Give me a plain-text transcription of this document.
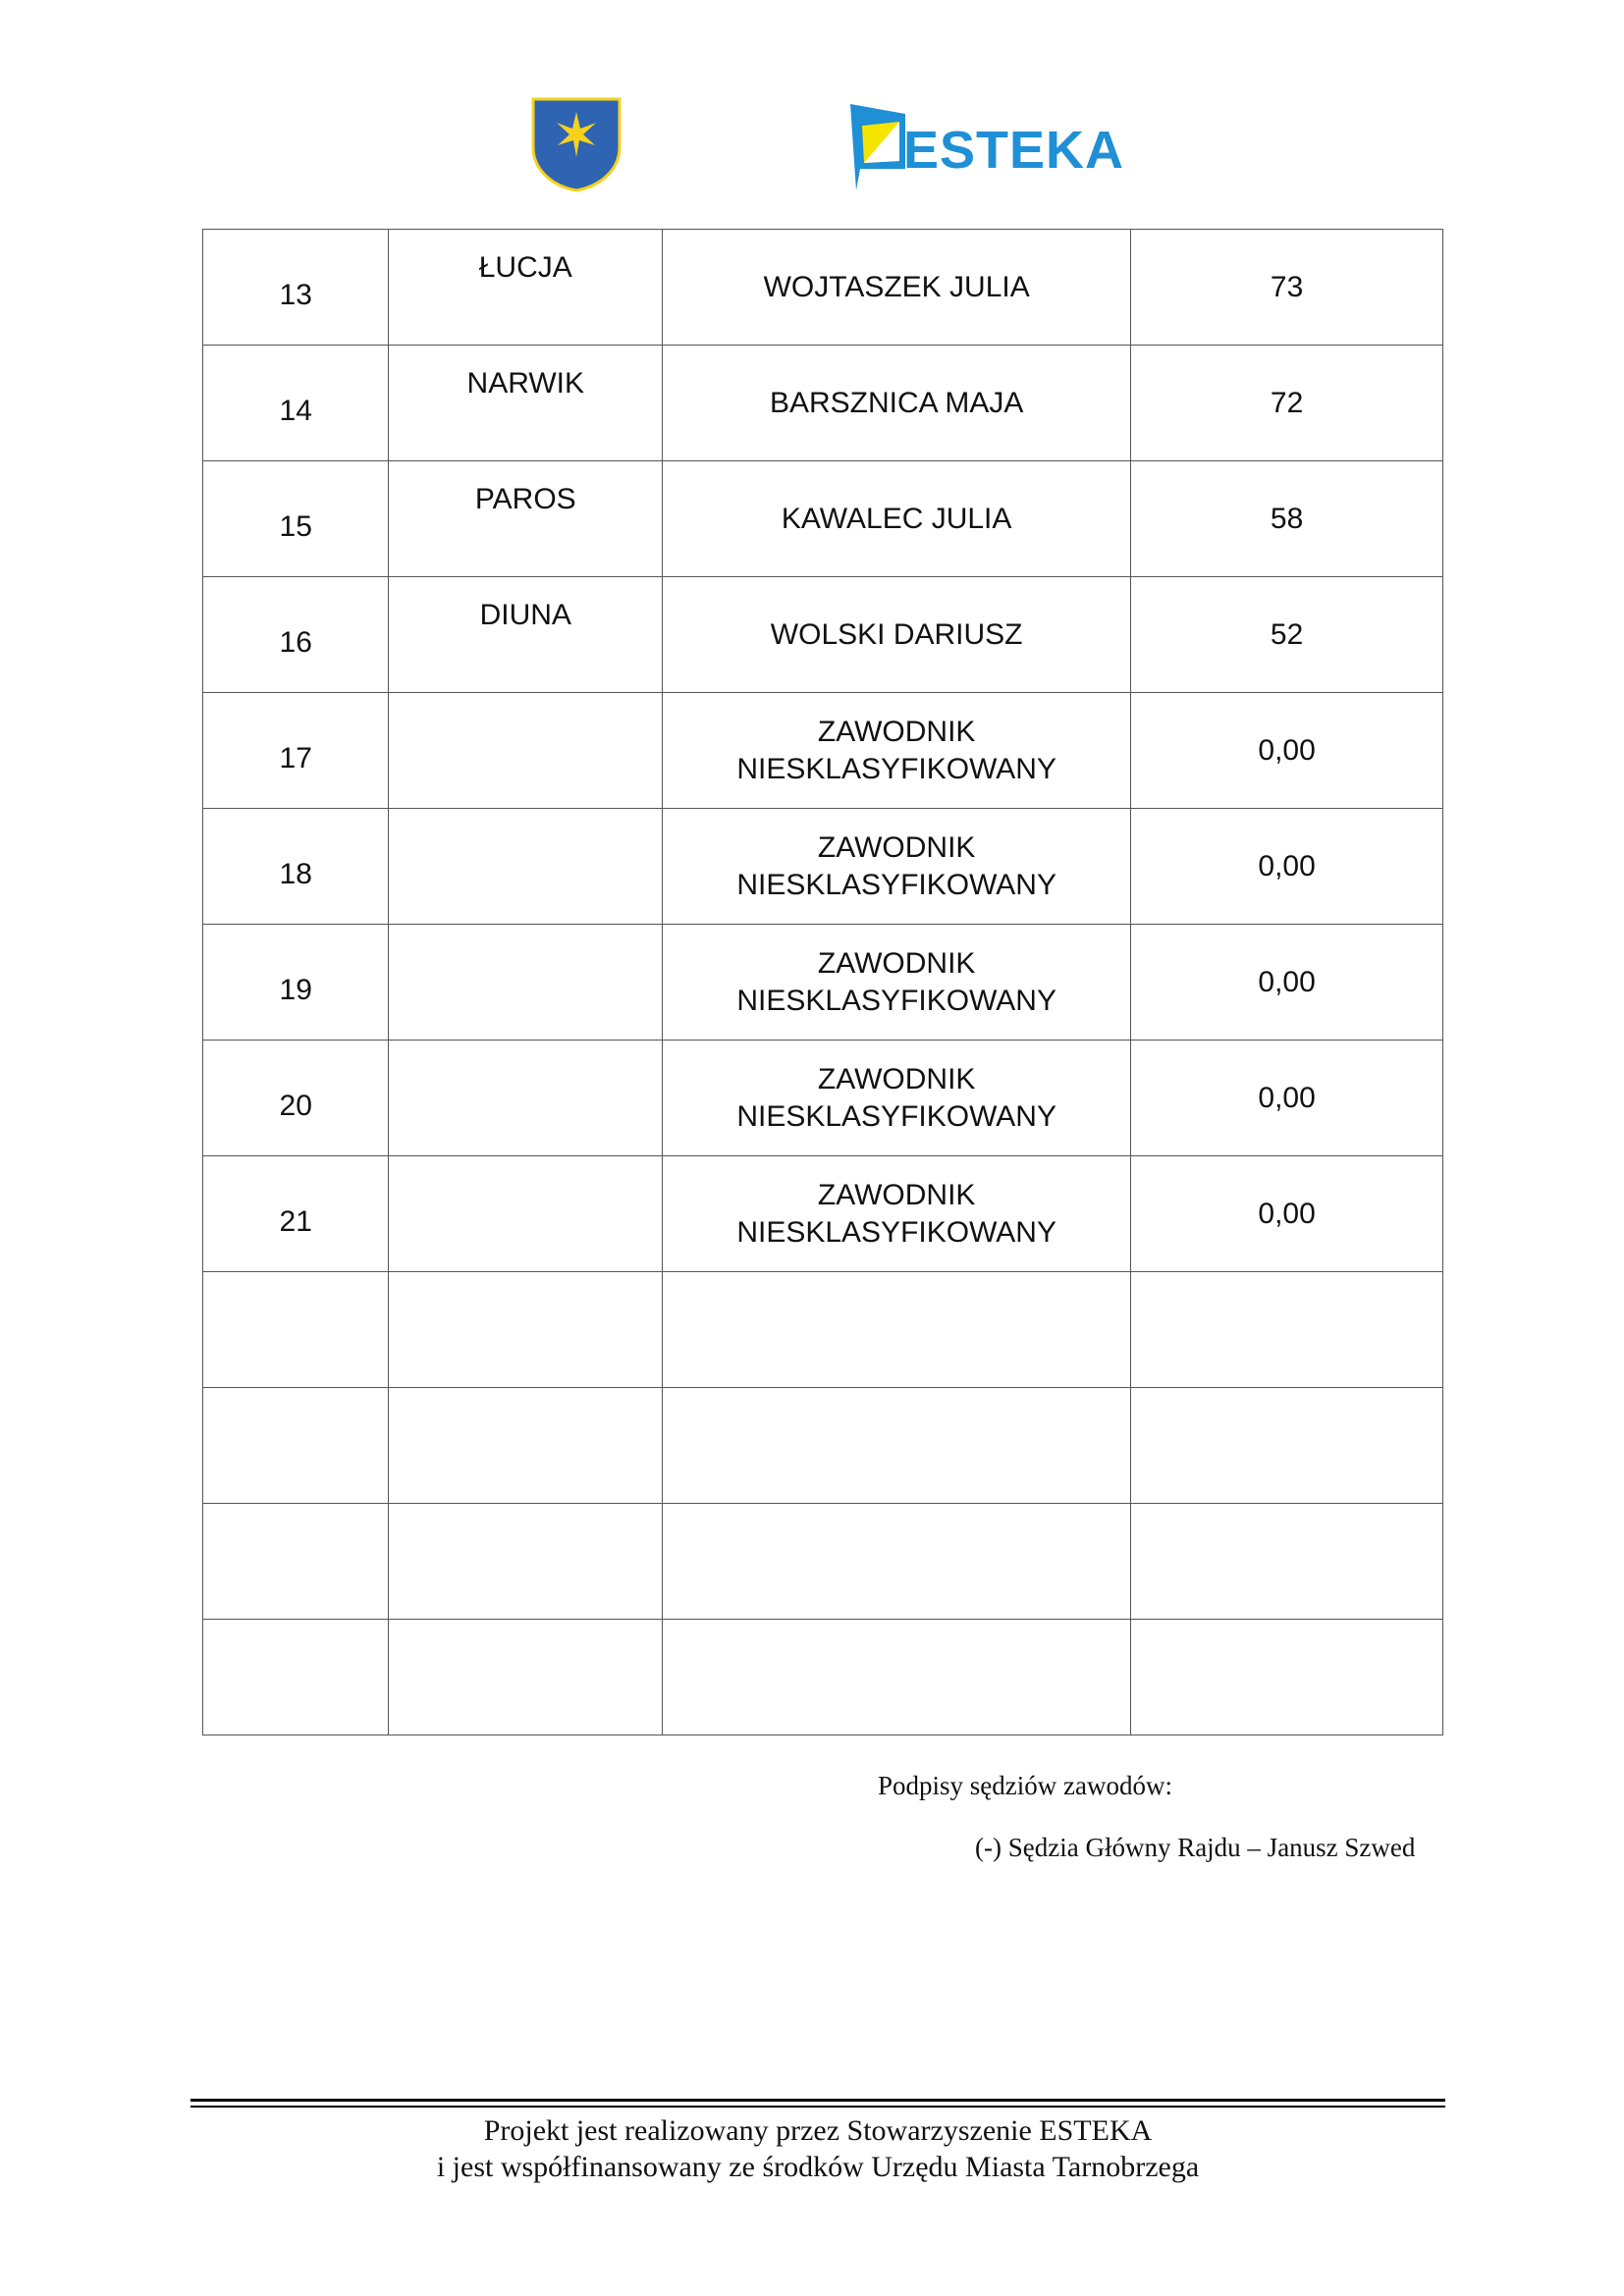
ESTEKA
13	ŁUCJA	WOJTASZEK JULIA	73

14	NARWIK	BARSZNICA MAJA	72

15	PAROS	KAWALEC JULIA	58

16	DIUNA	WOLSKI DARIUSZ	52

17		ZAWODNIK
NIESKLASYFIKOWANY	0,00

18		ZAWODNIK
NIESKLASYFIKOWANY	0,00

19		ZAWODNIK
NIESKLASYFIKOWANY	0,00

20		ZAWODNIK
NIESKLASYFIKOWANY	0,00

21		ZAWODNIK
NIESKLASYFIKOWANY	0,00

Podpisy sędziów zawodów:
(-) Sędzia Główny Rajdu – Janusz Szwed
Projekt jest realizowany przez Stowarzyszenie ESTEKA
i jest współfinansowany ze środków Urzędu Miasta Tarnobrzega
